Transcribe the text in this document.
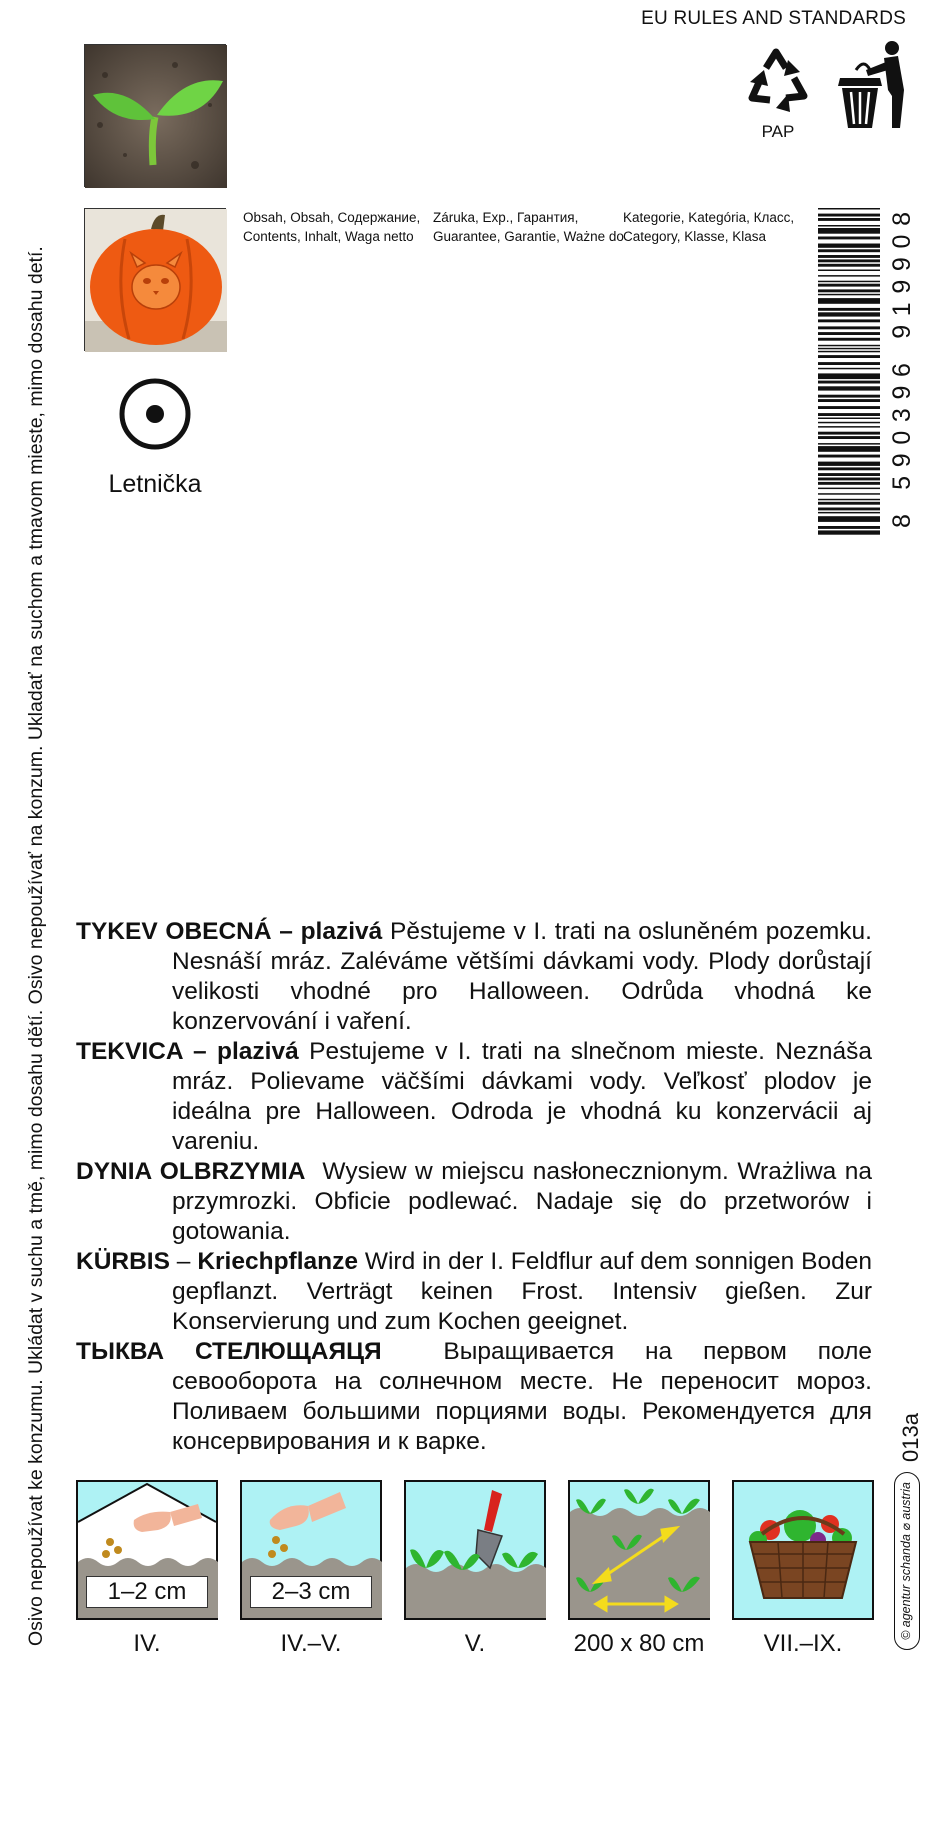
Osivo nepoužívat ke konzumu. Ukládat v suchu a tmě, mimo dosahu dětí. Osivo nepoužívať na konzum. Ukladať na suchom a tmavom mieste, mimo dosahu detí.
EU RULES AND STANDARDS
PAP
Letnička
Obsah, Obsah, Содержание,
Contents, Inhalt, Waga netto
Záruka, Exp., Гарантия,
Guarantee, Garantie, Ważne do
Kategorie, Kategória, Класс,
Category, Klasse, Klasa
8 590396 919908

TYKEV OBECNÁ – plazivá Pěstujeme v I. trati na osluněném pozemku. Nesnáší mráz. Zaléváme většími dávkami vody. Plody dorůstají velikosti vhodné pro Halloween. Odrůda vhodná ke konzervování i vaření.

TEKVICA – plazivá Pestujeme v I. trati na slnečnom mieste. Neznáša mráz. Polievame väčšími dávkami vody. Veľkosť plodov je ideálna pre Halloween. Odroda je vhodná ku konzervácii aj vareniu.

DYNIA OLBRZYMIA Wysiew w miejscu nasłonecznionym. Wrażliwa na przymrozki. Obficie podlewać. Nadaje się do przetworów i gotowania.

KÜRBIS – Kriechpflanze Wird in der I. Feldflur auf dem sonnigen Boden gepflanzt. Verträgt keinen Frost. Intensiv gießen. Zur Konservierung und zum Kochen geeignet.

ТЫКВА СТЕЛЮЩАЯЦЯ	Выращивается на первом поле севооборота на солнечном месте. Не переносит мороз. Поливаем большими порциями воды. Рекомендуется для консервирования и к варке.	013a
© agentur schanda ⌀ austria
1–2 cm	2–3 cm
IV.	IV.–V.	V.	200 x 80 cm	VII.–IX.
